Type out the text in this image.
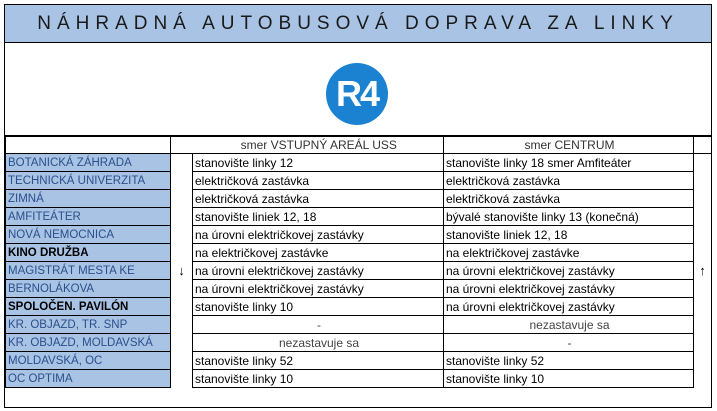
NÁHRADNÁ AUTOBUSOVÁ DOPRAVA ZA LINKY
R4
		smer VSTUPNÝ AREÁL USS	smer CENTRUM	
BOTANICKÁ ZÁHRADA	↓	stanovište linky 12	stanovište linky 18 smer Amfiteáter	↑
TECHNICKÁ UNIVERZITA		električková zastávka	električková zastávka	
ZIMNÁ		električková zastávka	električková zastávka	
AMFITEÁTER		stanovište liniek 12, 18	bývalé stanovište linky 13 (konečná)	
NOVÁ NEMOCNICA		na úrovni električkovej zastávky	stanovište liniek 12, 18	
KINO DRUŽBA		na električkovej zastávke	na električkovej zastávke	
MAGISTRÁT MESTA KE		na úrovni električkovej zastávky	na úrovni električkovej zastávky	
BERNOLÁKOVA		na úrovni električkovej zastávky	na úrovni električkovej zastávky	
SPOLOČEN. PAVILÓN		stanovište linky 10	na úrovni električkovej zastávky	
KR. OBJAZD, TR. SNP		-	nezastavuje sa	
KR. OBJAZD, MOLDAVSKÁ		nezastavuje sa	-	
MOLDAVSKÁ, OC		stanovište linky 52	stanovište linky 52	
OC OPTIMA		stanovište linky 10	stanovište linky 10	
